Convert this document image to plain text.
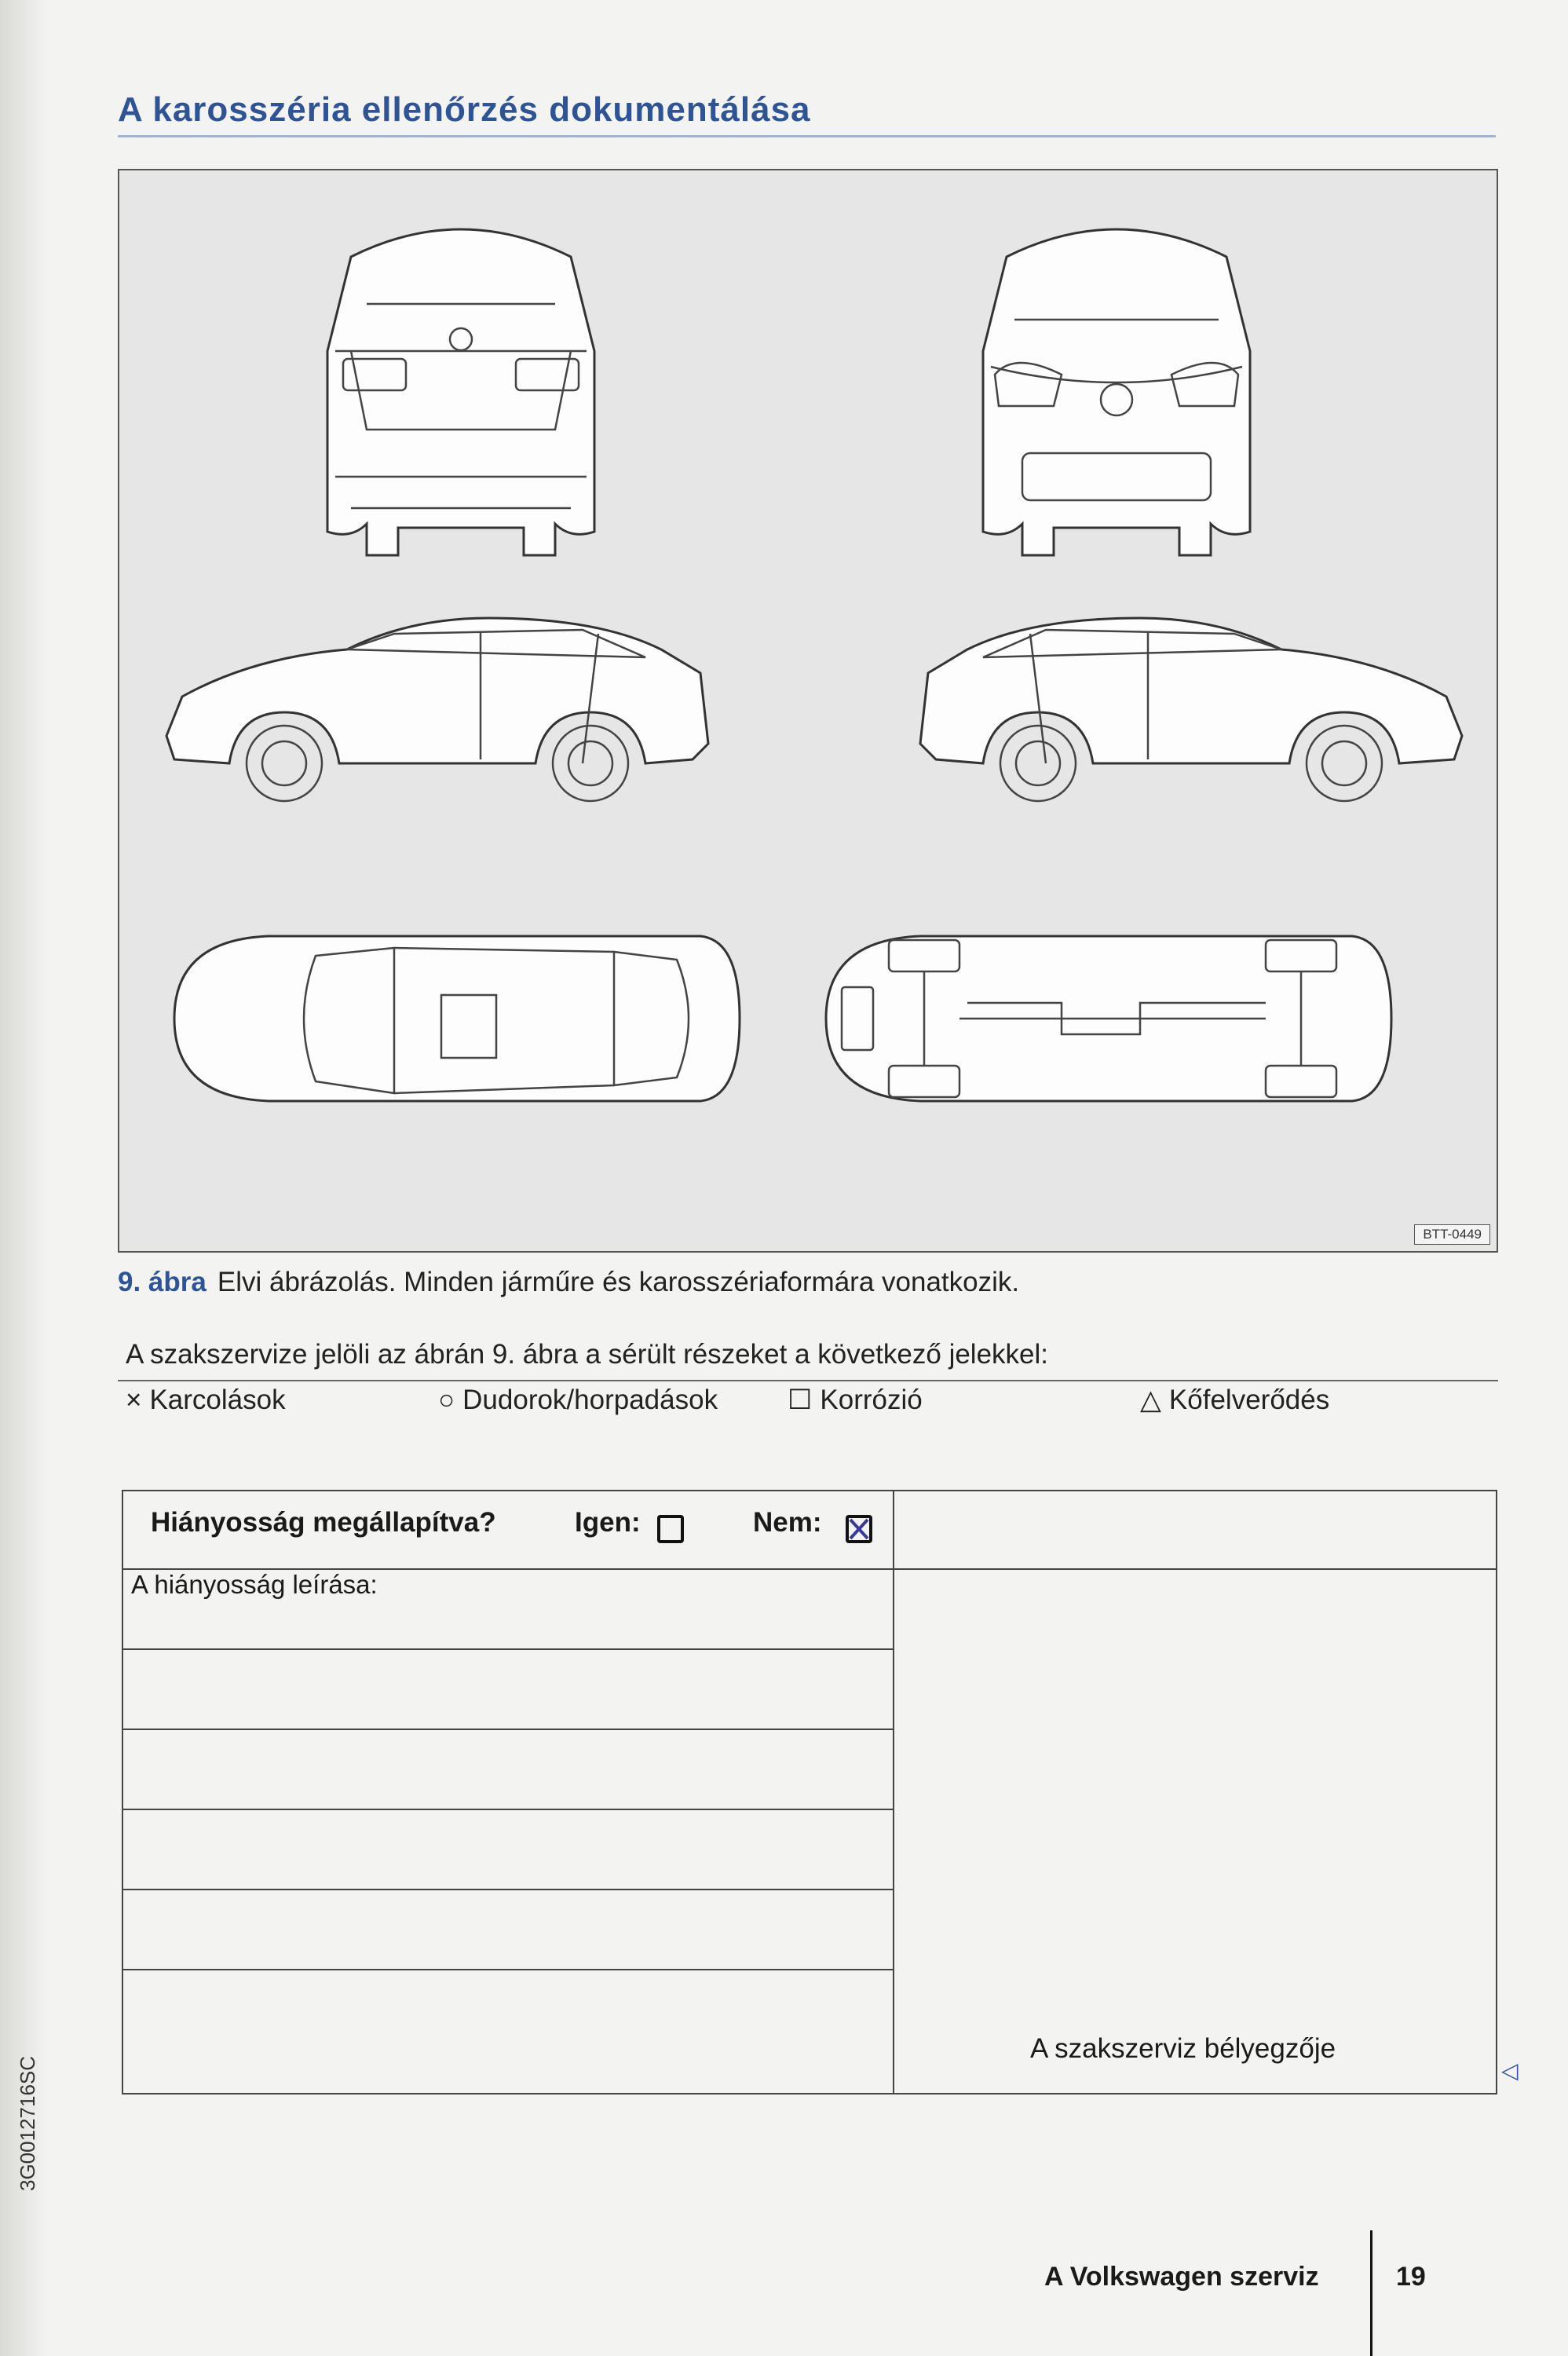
A karosszéria ellenőrzés dokumentálása
BTT-0449
9. ábra Elvi ábrázolás. Minden járműre és karosszériaformára vonatkozik.
A szakszervize jelöli az ábrán 9. ábra a sérült részeket a következő jelekkel:
× Karcolások	○ Dudorok/horpadások	☐ Korrózió	△ Kőfelverődés
Hiányosság megállapítva?	Igen:	Nem:
A hiányosság leírása:
A szakszerviz bélyegzője
◁
3G0012716SC
A Volkswagen szerviz	19
